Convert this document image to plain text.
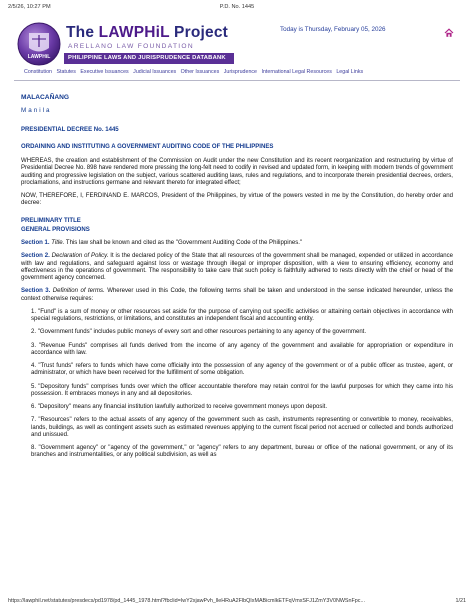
2/5/26, 10:27 PM	P.D. No. 1445
LAWPHiL
The LAWPHiL Project
ARELLANO LAW FOUNDATION
PHILIPPINE LAWS AND JURISPRUDENCE DATABANK
Today is Thursday, February 05, 2026
Constitution Statutes Executive Issuances Judicial Issuances Other Issuances Jurisprudence International Legal Resources Legal Links

MALACAÑANG

Manila

PRESIDENTIAL DECREE No. 1445

ORDAINING AND INSTITUTING A GOVERNMENT AUDITING CODE OF THE PHILIPPINES

WHEREAS, the creation and establishment of the Commission on Audit under the new Constitution and its recent reorganization and restructuring by virtue of Presidential Decree No. 898 have rendered more pressing the long-felt need to codify in revised and updated form, in keeping with modern trends of government auditing and progressive legislation on the subject, various scattered auditing laws, rules and regulations, and to incorporate therein presidential decrees, orders, proclamations, and instructions germane and relevant thereto for integrated effect;

NOW, THEREFORE, I, FERDINAND E. MARCOS, President of the Philippines, by virtue of the powers vested in me by the Constitution, do hereby order and decree:

PRELIMINARY TITLE

GENERAL PROVISIONS

Section 1. Title. This law shall be known and cited as the "Government Auditing Code of the Philippines."

Section 2. Declaration of Policy. It is the declared policy of the State that all resources of the government shall be managed, expended or utilized in accordance with law and regulations, and safeguard against loss or wastage through illegal or improper disposition, with a view to ensuring efficiency, economy and effectiveness in the operations of government. The responsibility to take care that such policy is faithfully adhered to rests directly with the chief or head of the government agency concerned.

Section 3. Definition of terms. Wherever used in this Code, the following terms shall be taken and understood in the sense indicated hereunder, unless the context otherwise requires:

1. "Fund" is a sum of money or other resources set aside for the purpose of carrying out specific activities or attaining certain objectives in accordance with special regulations, restrictions, or limitations, and constitutes an independent fiscal and accounting entity.

2. "Government funds" includes public moneys of every sort and other resources pertaining to any agency of the government.

3. "Revenue Funds" comprises all funds derived from the income of any agency of the government and available for appropriation or expenditure in accordance with law.

4. "Trust funds" refers to funds which have come officially into the possession of any agency of the government or of a public officer as trustee, agent, or administrator, or which have been received for the fulfillment of some obligation.

5. "Depository funds" comprises funds over which the officer accountable therefore may retain control for the lawful purposes for which they came into his possession. It embraces moneys in any and all depositories.

6. "Depository" means any financial institution lawfully authorized to receive government moneys upon deposit.

7. "Resources" refers to the actual assets of any agency of the government such as cash, instruments representing or convertible to money, receivables, lands, buildings, as well as contingent assets such as estimated revenues applying to the current fiscal period not accrued or collected and bonds authorized and unissued.

8. "Government agency" or "agency of the government," or "agency" refers to any department, bureau or office of the national government, or any of its branches and instrumentalities, or any political subdivision, as well as

https://lawphil.net/statutes/presdecs/pd1978/pd_1445_1978.html?fbclid=IwY2xjawPvh_lleHRuA2FlbQIxMABicmlkETFqVmxSFJ1ZmY3V0NWSnFpc...	1/21
